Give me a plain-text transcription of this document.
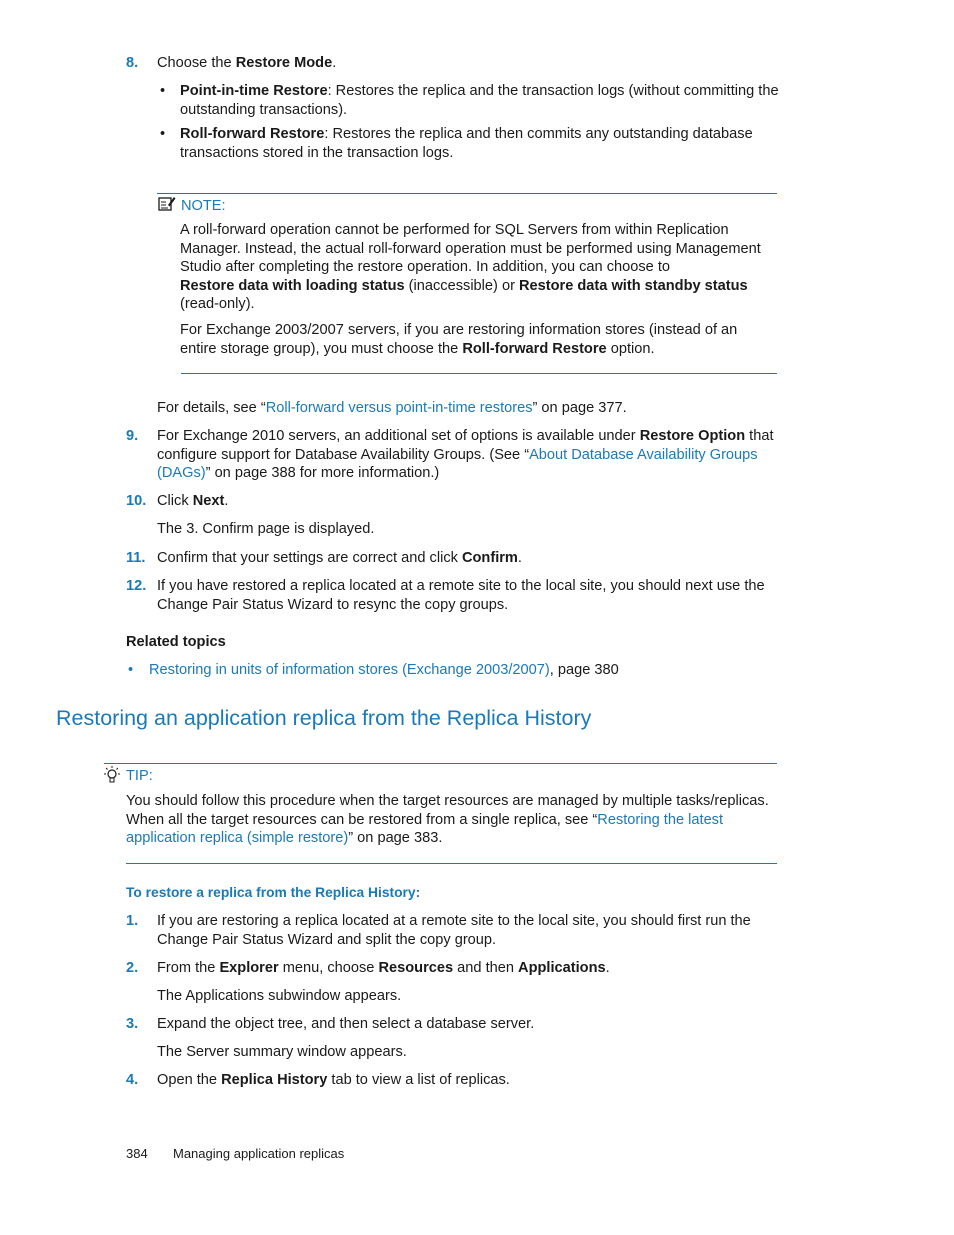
8. Choose the Restore Mode.
• Point-in-time Restore: Restores the replica and the transaction logs (without committing the outstanding transactions).
• Roll-forward Restore: Restores the replica and then commits any outstanding database transactions stored in the transaction logs.
NOTE:
A roll-forward operation cannot be performed for SQL Servers from within Replication Manager. Instead, the actual roll-forward operation must be performed using Management Studio after completing the restore operation. In addition, you can choose to
Restore data with loading status (inaccessible) or Restore data with standby status
(read-only).
For Exchange 2003/2007 servers, if you are restoring information stores (instead of an entire storage group), you must choose the Roll-forward Restore option.
For details, see “Roll-forward versus point-in-time restores” on page 377.
9. For Exchange 2010 servers, an additional set of options is available under Restore Option that configure support for Database Availability Groups. (See “About Database Availability Groups (DAGs)” on page 388 for more information.)
10. Click Next.
The 3. Confirm page is displayed.
11. Confirm that your settings are correct and click Confirm.
12. If you have restored a replica located at a remote site to the local site, you should next use the Change Pair Status Wizard to resync the copy groups.
Related topics
• Restoring in units of information stores (Exchange 2003/2007), page 380
Restoring an application replica from the Replica History
TIP:
You should follow this procedure when the target resources are managed by multiple tasks/replicas. When all the target resources can be restored from a single replica, see “Restoring the latest application replica (simple restore)” on page 383.
To restore a replica from the Replica History:
1. If you are restoring a replica located at a remote site to the local site, you should first run the Change Pair Status Wizard and split the copy group.
2. From the Explorer menu, choose Resources and then Applications.
The Applications subwindow appears.
3. Expand the object tree, and then select a database server.
The Server summary window appears.
4. Open the Replica History tab to view a list of replicas.
384 Managing application replicas
